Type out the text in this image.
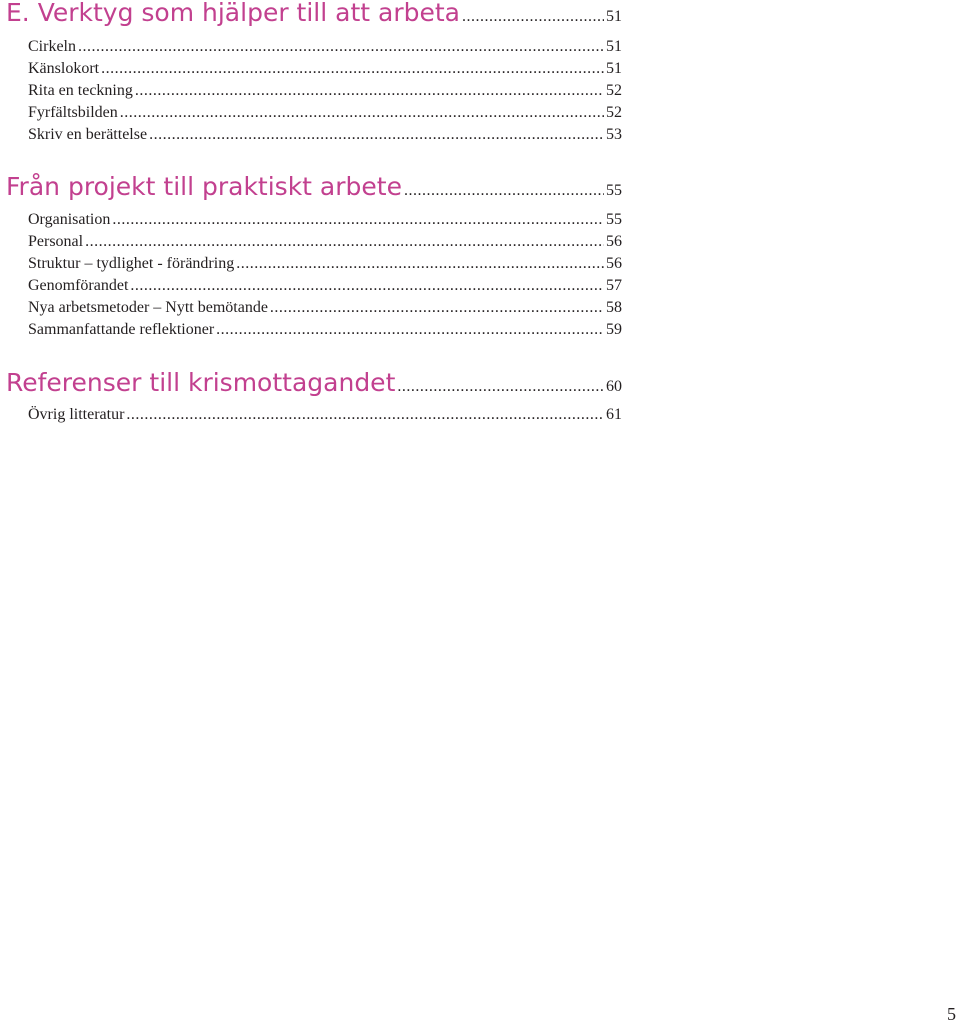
E. Verktyg som hjälper till att arbeta .....	51
Cirkeln .....	51
Känslokort .....	51
Rita en teckning .....	52
Fyrfältsbilden .....	52
Skriv en berättelse .....	53
Från projekt till praktiskt arbete .....	55
Organisation .....	55
Personal .....	56
Struktur – tydlighet - förändring .....	56
Genomförandet .....	57
Nya arbetsmetoder – Nytt bemötande .....	58
Sammanfattande reflektioner .....	59
Referenser till krismottagandet .....	60
Övrig litteratur .....	61
5
